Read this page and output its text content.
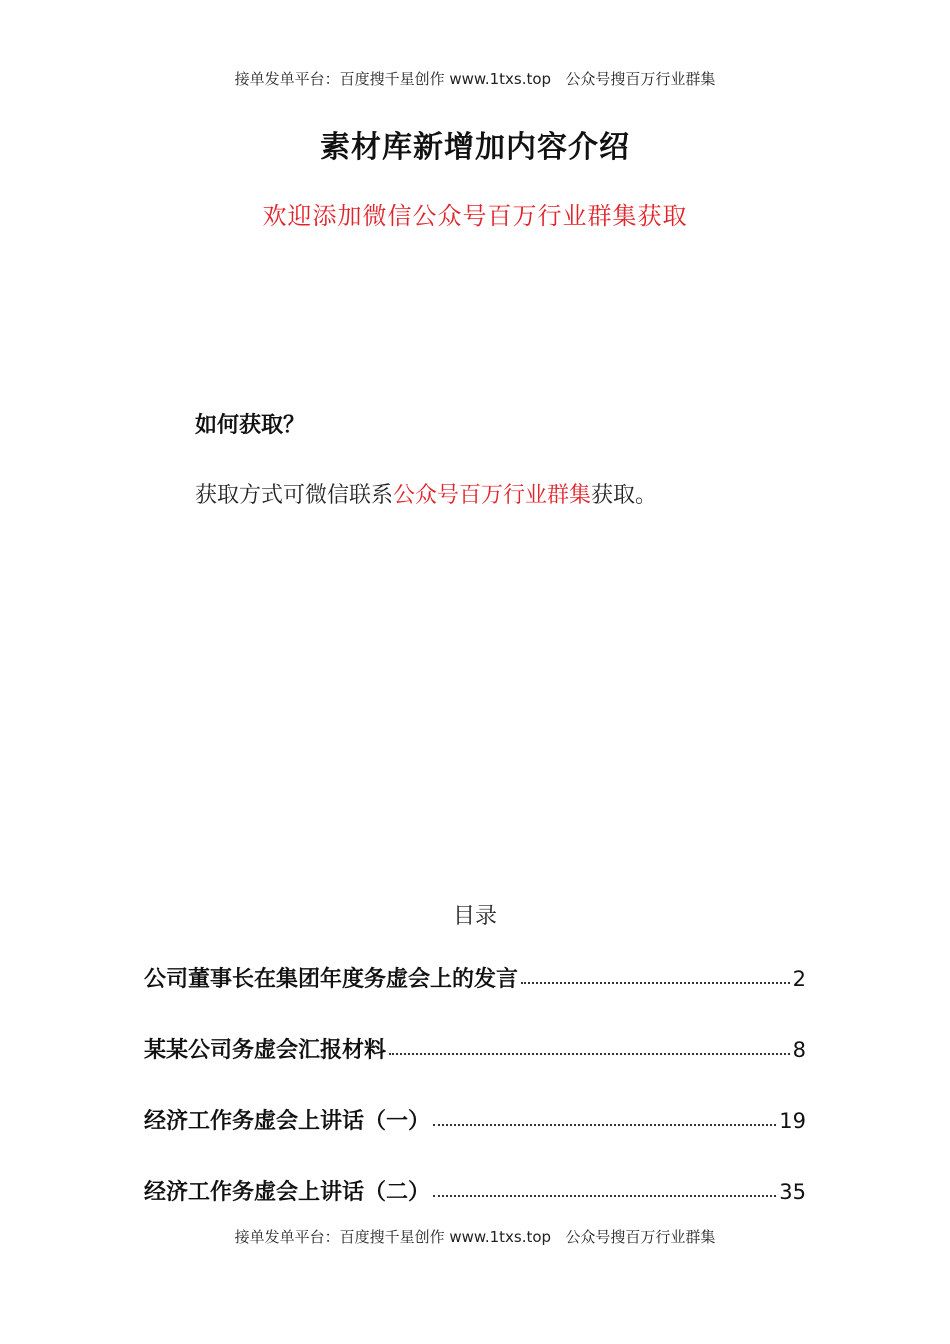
接单发单平台：百度搜千星创作 www.1txs.top   公众号搜百万行业群集
素材库新增加内容介绍
欢迎添加微信公众号百万行业群集获取
如何获取？
获取方式可微信联系公众号百万行业群集获取。
目录
公司董事长在集团年度务虚会上的发言	2
某某公司务虚会汇报材料	8
经济工作务虚会上讲话（一）	19
经济工作务虚会上讲话（二）	35
接单发单平台：百度搜千星创作 www.1txs.top   公众号搜百万行业群集
